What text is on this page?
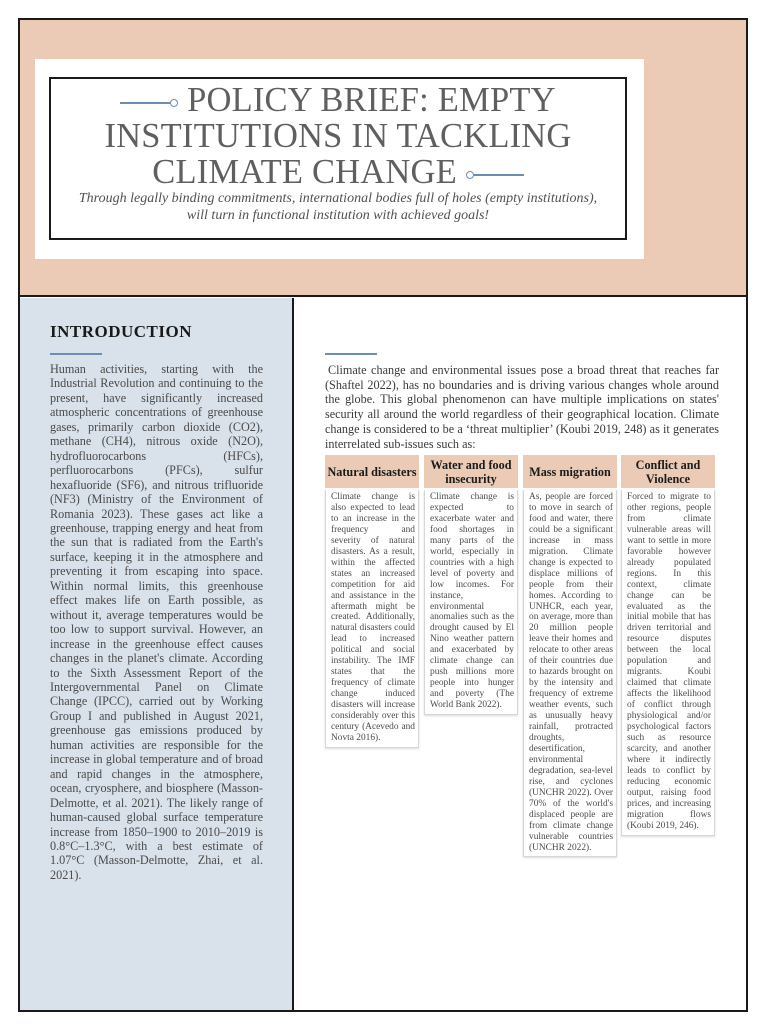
POLICY BRIEF: EMPTY
INSTITUTIONS IN TACKLING
CLIMATE CHANGE

Through legally binding commitments, international bodies full of holes (empty institutions), will turn in functional institution with achieved goals!

INTRODUCTION

Human activities, starting with the Industrial Revolution and continuing to the present, have significantly increased atmospheric concentrations of greenhouse gases, primarily carbon dioxide (CO2), methane (CH4), nitrous oxide (N2O), hydrofluorocarbons (HFCs), perfluorocarbons (PFCs), sulfur hexafluoride (SF6), and nitrous trifluoride (NF3) (Ministry of the Environment of Romania 2023). These gases act like a greenhouse, trapping energy and heat from the sun that is radiated from the Earth's surface, keeping it in the atmosphere and preventing it from escaping into space. Within normal limits, this greenhouse effect makes life on Earth possible, as without it, average temperatures would be too low to support survival. However, an increase in the greenhouse effect causes changes in the planet's climate. According to the Sixth Assessment Report of the Intergovernmental Panel on Climate Change (IPCC), carried out by Working Group I and published in August 2021, greenhouse gas emissions produced by human activities are responsible for the increase in global temperature and of broad and rapid changes in the atmosphere, ocean, cryosphere, and biosphere (Masson-Delmotte, et al. 2021). The likely range of human-caused global surface temperature increase from 1850–1900 to 2010–2019 is 0.8°C–1.3°C, with a best estimate of 1.07°C (Masson-Delmotte, Zhai, et al. 2021).

Climate change and environmental issues pose a broad threat that reaches far (Shaftel 2022), has no boundaries and is driving various changes whole around the globe. This global phenomenon can have multiple implications on states' security all around the world regardless of their geographical location. Climate change is considered to be a ‘threat multiplier’ (Koubi 2019, 248) as it generates interrelated sub-issues such as:

Natural disasters
Climate change is also expected to lead to an increase in the frequency and severity of natural disasters. As a result, within the affected states an increased competition for aid and assistance in the aftermath might be created. Additionally, natural disasters could lead to increased political and social instability. The IMF states that the frequency of climate change induced disasters will increase considerably over this century (Acevedo and Novta 2016).
Water and food insecurity
Climate change is expected to exacerbate water and food shortages in many parts of the world, especially in countries with a high level of poverty and low incomes. For instance, environmental anomalies such as the drought caused by El Nino weather pattern and exacerbated by climate change can push millions more people into hunger and poverty (The World Bank 2022).
Mass migration
As, people are forced to move in search of food and water, there could be a significant increase in mass migration. Climate change is expected to displace millions of people from their homes. According to UNHCR, each year, on average, more than 20 million people leave their homes and relocate to other areas of their countries due to hazards brought on by the intensity and frequency of extreme weather events, such as unusually heavy rainfall, protracted droughts, desertification, environmental degradation, sea-level rise, and cyclones (UNCHR 2022). Over 70% of the world's displaced people are from climate change vulnerable countries (UNCHR 2022).
Conflict and Violence
Forced to migrate to other regions, people from climate vulnerable areas will want to settle in more favorable however already populated regions. In this context, climate change can be evaluated as the initial mobile that has driven territorial and resource disputes between the local population and migrants. Koubi claimed that climate affects the likelihood of conflict through physiological and/or psychological factors such as resource scarcity, and another where it indirectly leads to conflict by reducing economic output, raising food prices, and increasing migration flows (Koubi 2019, 246).
